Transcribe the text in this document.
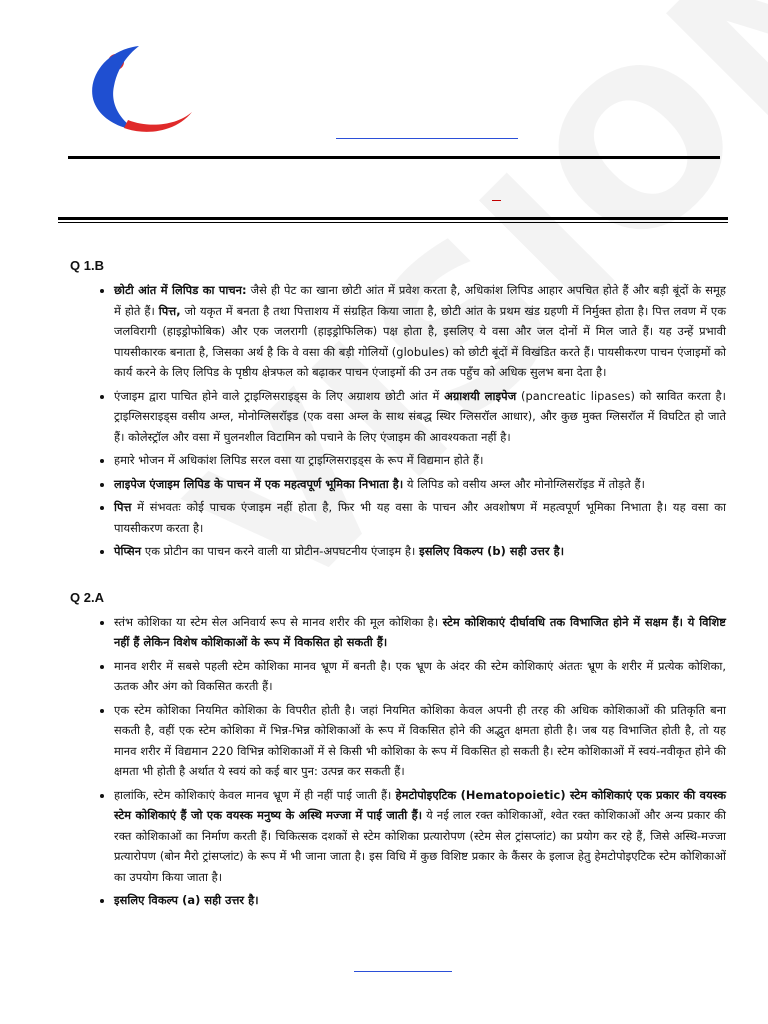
Q 1.B
• छोटी आंत में लिपिड का पाचन: जैसे ही पेट का खाना छोटी आंत में प्रवेश करता है, अधिकांश लिपिड आहार अपचित होते हैं और बड़ी बूंदों के समूह में होते हैं। पित्त, जो यकृत में बनता है तथा पित्ताशय में संग्रहित किया जाता है, छोटी आंत के प्रथम खंड ग्रहणी में निर्मुक्त होता है। पित्त लवण में एक जलविरागी (हाइड्रोफोबिक) और एक जलरागी (हाइड्रोफिलिक) पक्ष होता है, इसलिए ये वसा और जल दोनों में मिल जाते हैं। यह उन्हें प्रभावी पायसीकारक बनाता है, जिसका अर्थ है कि वे वसा की बड़ी गोलियों (globules) को छोटी बूंदों में विखंडित करते हैं। पायसीकरण पाचन एंजाइमों को कार्य करने के लिए लिपिड के पृष्ठीय क्षेत्रफल को बढ़ाकर पाचन एंजाइमों की उन तक पहुँच को अधिक सुलभ बना देता है।
• एंजाइम द्वारा पाचित होने वाले ट्राइग्लिसराइड्स के लिए अग्राशय छोटी आंत में अग्राशयी लाइपेज (pancreatic lipases) को स्रावित करता है। ट्राइग्लिसराइड्स वसीय अम्ल, मोनोग्लिसरॉइड (एक वसा अम्ल के साथ संबद्ध स्थिर ग्लिसरॉल आधार), और कुछ मुक्त ग्लिसरॉल में विघटित हो जाते हैं। कोलेस्ट्रॉल और वसा में घुलनशील विटामिन को पचाने के लिए एंजाइम की आवश्यकता नहीं है।
• हमारे भोजन में अधिकांश लिपिड सरल वसा या ट्राइग्लिसराइड्स के रूप में विद्यमान होते हैं।
• लाइपेज एंजाइम लिपिड के पाचन में एक महत्वपूर्ण भूमिका निभाता है। ये लिपिड को वसीय अम्ल और मोनोग्लिसरॉइड में तोड़ते हैं।
• पित्त में संभवतः कोई पाचक एंजाइम नहीं होता है, फिर भी यह वसा के पाचन और अवशोषण में महत्वपूर्ण भूमिका निभाता है। यह वसा का पायसीकरण करता है।
• पेप्सिन एक प्रोटीन का पाचन करने वाली या प्रोटीन-अपघटनीय एंजाइम है। इसलिए विकल्प (b) सही उत्तर है।
Q 2.A
• स्तंभ कोशिका या स्टेम सेल अनिवार्य रूप से मानव शरीर की मूल कोशिका है। स्टेम कोशिकाएं दीर्घावधि तक विभाजित होने में सक्षम हैं। ये विशिष्ट नहीं हैं लेकिन विशेष कोशिकाओं के रूप में विकसित हो सकती हैं।
• मानव शरीर में सबसे पहली स्टेम कोशिका मानव भ्रूण में बनती है। एक भ्रूण के अंदर की स्टेम कोशिकाएं अंततः भ्रूण के शरीर में प्रत्येक कोशिका, ऊतक और अंग को विकसित करती हैं।
• एक स्टेम कोशिका नियमित कोशिका के विपरीत होती है। जहां नियमित कोशिका केवल अपनी ही तरह की अधिक कोशिकाओं की प्रतिकृति बना सकती है, वहीं एक स्टेम कोशिका में भिन्न-भिन्न कोशिकाओं के रूप में विकसित होने की अद्भुत क्षमता होती है। जब यह विभाजित होती है, तो यह मानव शरीर में विद्यमान 220 विभिन्न कोशिकाओं में से किसी भी कोशिका के रूप में विकसित हो सकती है। स्टेम कोशिकाओं में स्वयं-नवीकृत होने की क्षमता भी होती है अर्थात ये स्वयं को कई बार पुन: उत्पन्न कर सकती हैं।
• हालांकि, स्टेम कोशिकाएं केवल मानव भ्रूण में ही नहीं पाई जाती हैं। हेमटोपोइएटिक (Hematopoietic) स्टेम कोशिकाएं एक प्रकार की वयस्क स्टेम कोशिकाएं हैं जो एक वयस्क मनुष्य के अस्थि मज्जा में पाई जाती हैं। ये नई लाल रक्त कोशिकाओं, श्वेत रक्त कोशिकाओं और अन्य प्रकार की रक्त कोशिकाओं का निर्माण करती हैं। चिकित्सक दशकों से स्टेम कोशिका प्रत्यारोपण (स्टेम सेल ट्रांसप्लांट) का प्रयोग कर रहे हैं, जिसे अस्थि-मज्जा प्रत्यारोपण (बोन मैरो ट्रांसप्लांट) के रूप में भी जाना जाता है। इस विधि में कुछ विशिष्ट प्रकार के कैंसर के इलाज हेतु हेमटोपोइएटिक स्टेम कोशिकाओं का उपयोग किया जाता है।
• इसलिए विकल्प (a) सही उत्तर है।
